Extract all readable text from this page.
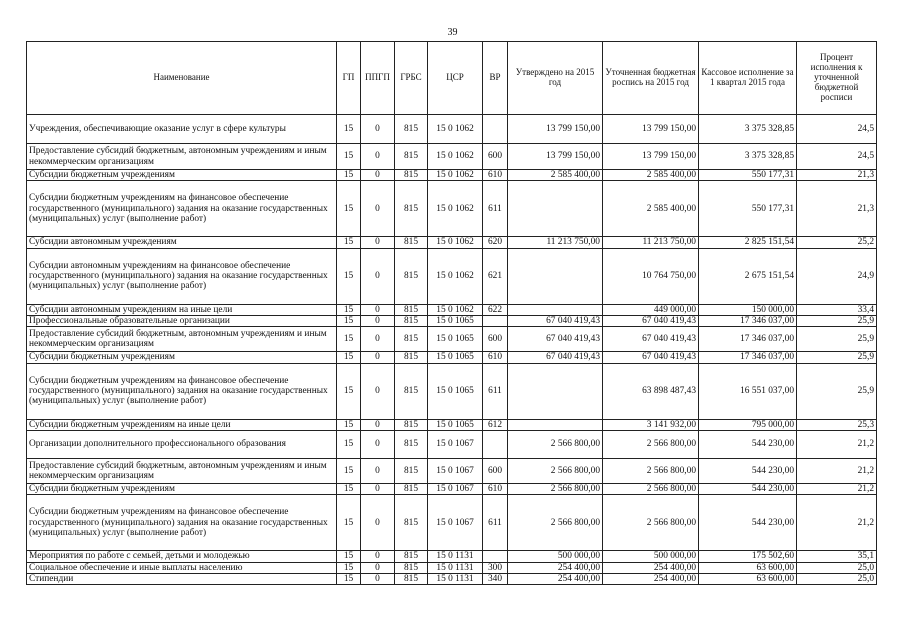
39
Наименование	ГП	ППГП	ГРБС	ЦСР	ВР	Утверждено на 2015 год	Уточненная бюджетная роспись на 2015 год	Кассовое исполнение за 1 квартал 2015 года	Процент исполнения к уточненной бюджетной росписи
Учреждения, обеспечивающие оказание услуг в сфере культуры	15	0	815	15 0 1062		13 799 150,00	13 799 150,00	3 375 328,85	24,5
Предоставление субсидий бюджетным, автономным учреждениям и иным некоммерческим организациям	15	0	815	15 0 1062	600	13 799 150,00	13 799 150,00	3 375 328,85	24,5
Субсидии бюджетным учреждениям	15	0	815	15 0 1062	610	2 585 400,00	2 585 400,00	550 177,31	21,3
Субсидии бюджетным учреждениям на финансовое обеспечение государственного (муниципального) задания на оказание государственных (муниципальных) услуг (выполнение работ)	15	0	815	15 0 1062	611		2 585 400,00	550 177,31	21,3
Субсидии автономным учреждениям	15	0	815	15 0 1062	620	11 213 750,00	11 213 750,00	2 825 151,54	25,2
Субсидии автономным учреждениям на финансовое обеспечение государственного (муниципального) задания на оказание государственных (муниципальных) услуг (выполнение работ)	15	0	815	15 0 1062	621		10 764 750,00	2 675 151,54	24,9
Субсидии автономным учреждениям на иные цели	15	0	815	15 0 1062	622		449 000,00	150 000,00	33,4
Профессиональные образовательные организации	15	0	815	15 0 1065		67 040 419,43	67 040 419,43	17 346 037,00	25,9
Предоставление субсидий бюджетным, автономным учреждениям и иным некоммерческим организациям	15	0	815	15 0 1065	600	67 040 419,43	67 040 419,43	17 346 037,00	25,9
Субсидии бюджетным учреждениям	15	0	815	15 0 1065	610	67 040 419,43	67 040 419,43	17 346 037,00	25,9
Субсидии бюджетным учреждениям на финансовое обеспечение государственного (муниципального) задания на оказание государственных (муниципальных) услуг (выполнение работ)	15	0	815	15 0 1065	611		63 898 487,43	16 551 037,00	25,9
Субсидии бюджетным учреждениям на иные цели	15	0	815	15 0 1065	612		3 141 932,00	795 000,00	25,3
Организации дополнительного профессионального образования	15	0	815	15 0 1067		2 566 800,00	2 566 800,00	544 230,00	21,2
Предоставление субсидий бюджетным, автономным учреждениям и иным некоммерческим организациям	15	0	815	15 0 1067	600	2 566 800,00	2 566 800,00	544 230,00	21,2
Субсидии бюджетным учреждениям	15	0	815	15 0 1067	610	2 566 800,00	2 566 800,00	544 230,00	21,2
Субсидии бюджетным учреждениям на финансовое обеспечение государственного (муниципального) задания на оказание государственных (муниципальных) услуг (выполнение работ)	15	0	815	15 0 1067	611	2 566 800,00	2 566 800,00	544 230,00	21,2
Мероприятия по работе с семьей, детьми и молодежью	15	0	815	15 0 1131		500 000,00	500 000,00	175 502,60	35,1
Социальное обеспечение и иные выплаты населению	15	0	815	15 0 1131	300	254 400,00	254 400,00	63 600,00	25,0
Стипендии	15	0	815	15 0 1131	340	254 400,00	254 400,00	63 600,00	25,0
